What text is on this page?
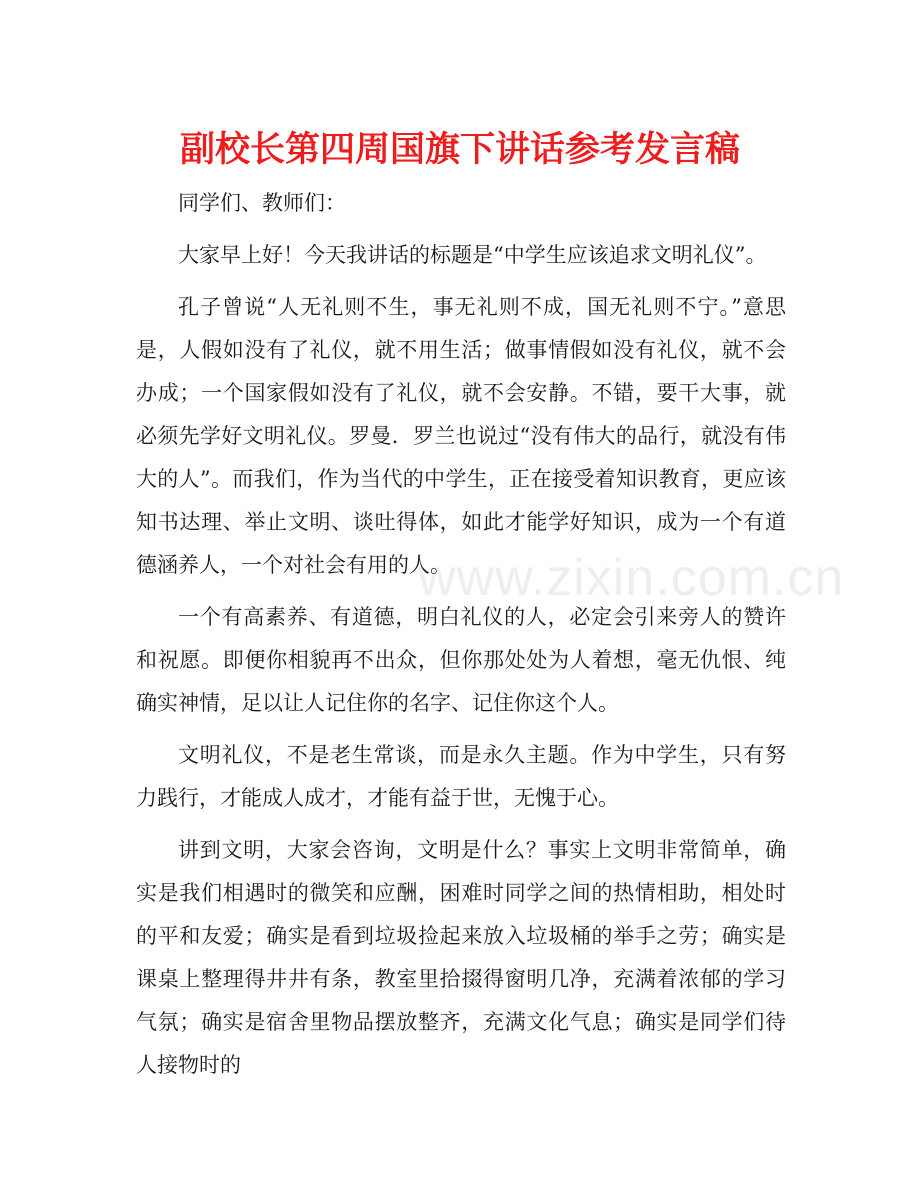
副校长第四周国旗下讲话参考发言稿

同学们、教师们：

大家早上好！今天我讲话的标题是“中学生应该追求文明礼仪”。

孔子曾说“人无礼则不生，事无礼则不成，国无礼则不宁。”意思是，人假如没有了礼仪，就不用生活；做事情假如没有礼仪，就不会办成；一个国家假如没有了礼仪，就不会安静。不错，要干大事，就必须先学好文明礼仪。罗曼．罗兰也说过“没有伟大的品行，就没有伟大的人”。而我们，作为当代的中学生，正在接受着知识教育，更应该知书达理、举止文明、谈吐得体，如此才能学好知识，成为一个有道德涵养人，一个对社会有用的人。

一个有高素养、有道德，明白礼仪的人，必定会引来旁人的赞许和祝愿。即便你相貌再不出众，但你那处处为人着想，毫无仇恨、纯确实神情，足以让人记住你的名字、记住你这个人。

文明礼仪，不是老生常谈，而是永久主题。作为中学生，只有努力践行，才能成人成才，才能有益于世，无愧于心。

讲到文明，大家会咨询，文明是什么？事实上文明非常简单，确实是我们相遇时的微笑和应酬，困难时同学之间的热情相助，相处时的平和友爱；确实是看到垃圾捡起来放入垃圾桶的举手之劳；确实是课桌上整理得井井有条，教室里拾掇得窗明几净，充满着浓郁的学习气氛；确实是宿舍里物品摆放整齐，充满文化气息；确实是同学们待人接物时的

www.zixin.com.cn
